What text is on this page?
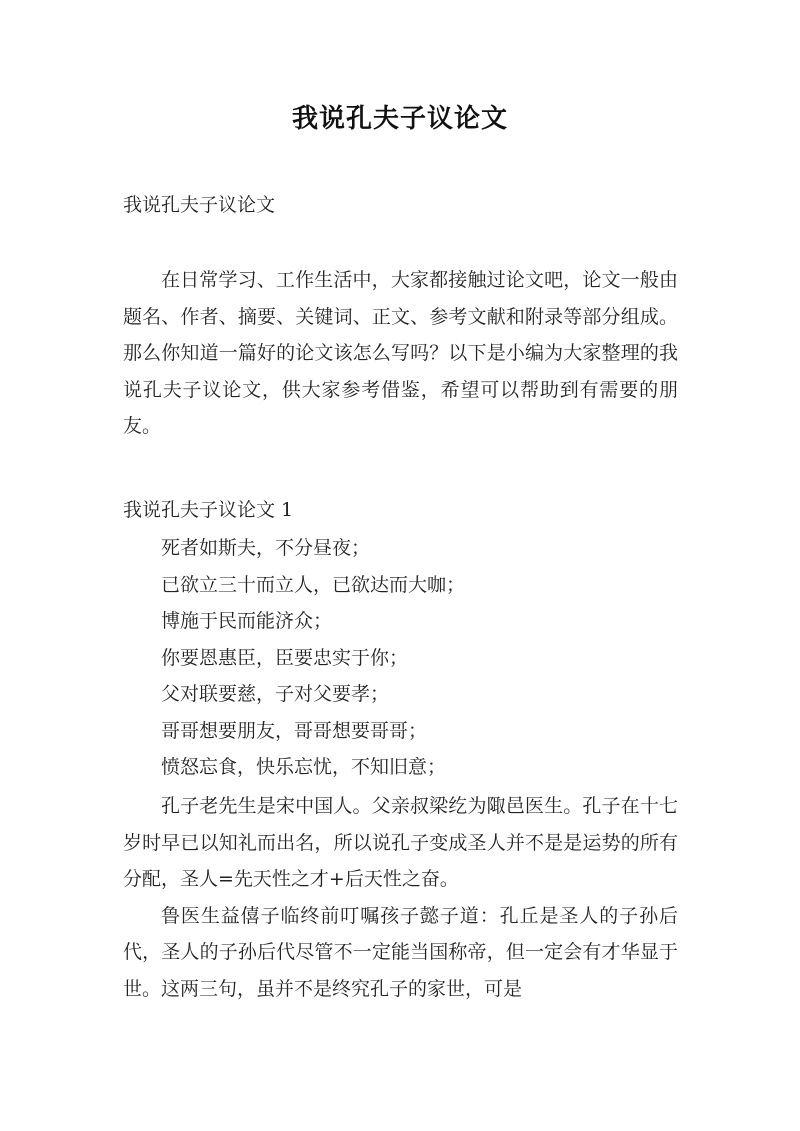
我说孔夫子议论文
我说孔夫子议论文

在日常学习、工作生活中，大家都接触过论文吧，论文一般由题名、作者、摘要、关键词、正文、参考文献和附录等部分组成。那么你知道一篇好的论文该怎么写吗？以下是小编为大家整理的我说孔夫子议论文，供大家参考借鉴，希望可以帮助到有需要的朋友。

我说孔夫子议论文 1
死者如斯夫，不分昼夜；
已欲立三十而立人，已欲达而大咖；
博施于民而能济众；
你要恩惠臣，臣要忠实于你；
父对联要慈，子对父要孝；
哥哥想要朋友，哥哥想要哥哥；
愤怒忘食，快乐忘忧，不知旧意；

孔子老先生是宋中国人。父亲叔梁纥为陬邑医生。孔子在十七岁时早已以知礼而出名，所以说孔子变成圣人并不是是运势的所有分配，圣人=先天性之才+后天性之奋。

鲁医生益僖子临终前叮嘱孩子懿子道：孔丘是圣人的子孙后代，圣人的子孙后代尽管不一定能当国称帝，但一定会有才华显于世。这两三句，虽并不是终究孔子的家世，可是
